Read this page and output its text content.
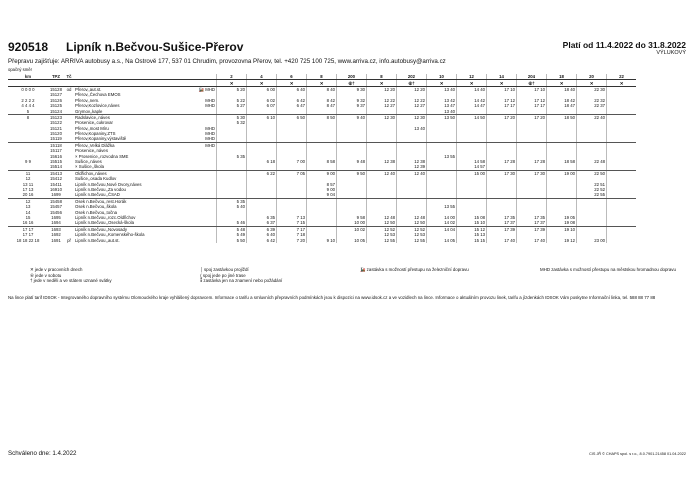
920518 Lipník n.Bečvou-Sušice-Přerov	Platí od 11.4.2022 do 31.8.2022
VÝLUKOVÝ
Přepravu zajišťuje: ARRIVA autobusy a.s., Na Ostrově 177, 537 01 Chrudim, provozovna Přerov, tel. +420 725 100 725, www.arriva.cz, info.autobusy@arriva.cz
opačný směr
km	TPZ	Tč			2	4	6	8	200	8	202	10	12	14	204	18	20	22
					✕	✕	✕	✕	⑥†	✕	⑥†	✕	✕	✕	⑥†	✕	✕	✕
0 0 0 0	15128	od	Přerov,,aut.st.	🚂 MHD	5 20	6 00	6 40	8 40	9 30	12 20	12 20	13 40	14 40	17 10	17 10	18 40	22 30	
	15127		Přerov,,Čechova EMOS															
2 2 2 2	15126		Přerov,,nem.	MHD	5 22	6 02	6 42	8 42	9 32	12 22	12 22	13 42	14 42	17 12	17 12	18 42	22 32	
4 4 4 4	15125		Přerov,Kozlovice,náves	MHD	5 27	6 07	6 47	8 47	9 37	12 27	12 27	13 47	14 47	17 17	17 17	18 47	22 37	
5	15124		Grymov,,kaple									13 40						
8	15123		Radslavice,,náves		5 30	6 10	6 50	8 50	9 40	12 30	12 30	13 50	14 50	17 20	17 20	18 50	22 40	
	15122		Prosenice,,cukrovar		5 32													
	15121		Přerov,,most Míru	MHD							13 40							
	15120		Přerov,Kopaniny,ZTS	MHD														
	15119		Přerov,Kopaniny,výstaviště	MHD														
	15118		Přerov,,Velká Dlážka	MHD														
	15117		Prosenice,,náves															
	15616		× Prosenice,,rozvodna SME		5 35							13 55						
9 9	15515		Sušice,,náves			6 18	7 00	8 58	9 48	12 38	12 38		14 58	17 28	17 28	18 58	22 48	
	15514		× Sušice,,škola								12 39		14 57					
11	15413		Oldřichov,,náves			6 22	7 05	9 00	9 50	12 40	12 40		15 00	17 30	17 30	19 00	22 50	
12	15412		Sušice,,osada Kudlov															
13 11	15411		Lipník n.Bečvou,Nové Dvory,náves					8 57									22 51	
17 13	16910		Lipník n.Bečvou,,Za vodou					9 00									22 52	
20 16	1699		Lipník n.Bečvou,,ČSAD					9 04									22 55	
12	15458		Osek n.Bečvou,,rest.Horák		5 35													
13	15457		Osek n.Bečvou,,škola		5 40							13 55						
14	15456		Osek n.Bečvou,,točna															
15	1695		Lipník n.Bečvou,,rozc.Oldřichov			6 35	7 13		9 58	12 48	12 48	14 00	15 08	17 35	17 35	19 05		
16 16	1694		Lipník n.Bečvou,,Osecká-škola		5 46	6 37	7 15		10 00	12 50	12 50	14 02	15 10	17 37	17 37	19 08		
17 17	1693		Lipník n.Bečvou,,Novosady		5 48	6 39	7 17		10 02	12 52	12 52	14 04	15 12	17 39	17 39	19 10		
17 17	1692		Lipník n.Bečvou,,Komenského-škola		5 49	6 40	7 18			12 53	12 53		15 13					
18 18 22 18	1691	př	Lipník n.Bečvou,,aut.st.		5 50	6 42	7 20	9 10	10 05	12 55	12 55	14 05	15 15	17 40	17 40	19 12	23 00	
✕ jede v pracovních dnech
⑥ jede v sobotu
† jede v neděli a ve státem uznané svátky
│ spoj zastávkou projíždí
⟨ spoj jede po jiné trase
⁑ zastávka jen na znamení nebo požádání
🚂 zastávka s možností přestupu na železniční dopravu	MHD zastávka s možností přestupu na městskou hromadnou dopravu
Na lince platí tarif IDSOK - Integrovaného dopravního systému Olomouckého kraje vyhlášený dopravcem. Informace o tarifu a smluvních přepravních podmínkách jsou k dispozici na www.idsok.cz a ve vozidlech na lince. Informace o aktuálním provozu linek, tarifu a jízdenkách IDSOK Vám poskytne Informační linka, tel. 588 88 77 88
Schváleno dne: 1.4.2022	CIS JŘ © CHAPS spol. s r.o., 8.0.7901.21458 01.04.2022
